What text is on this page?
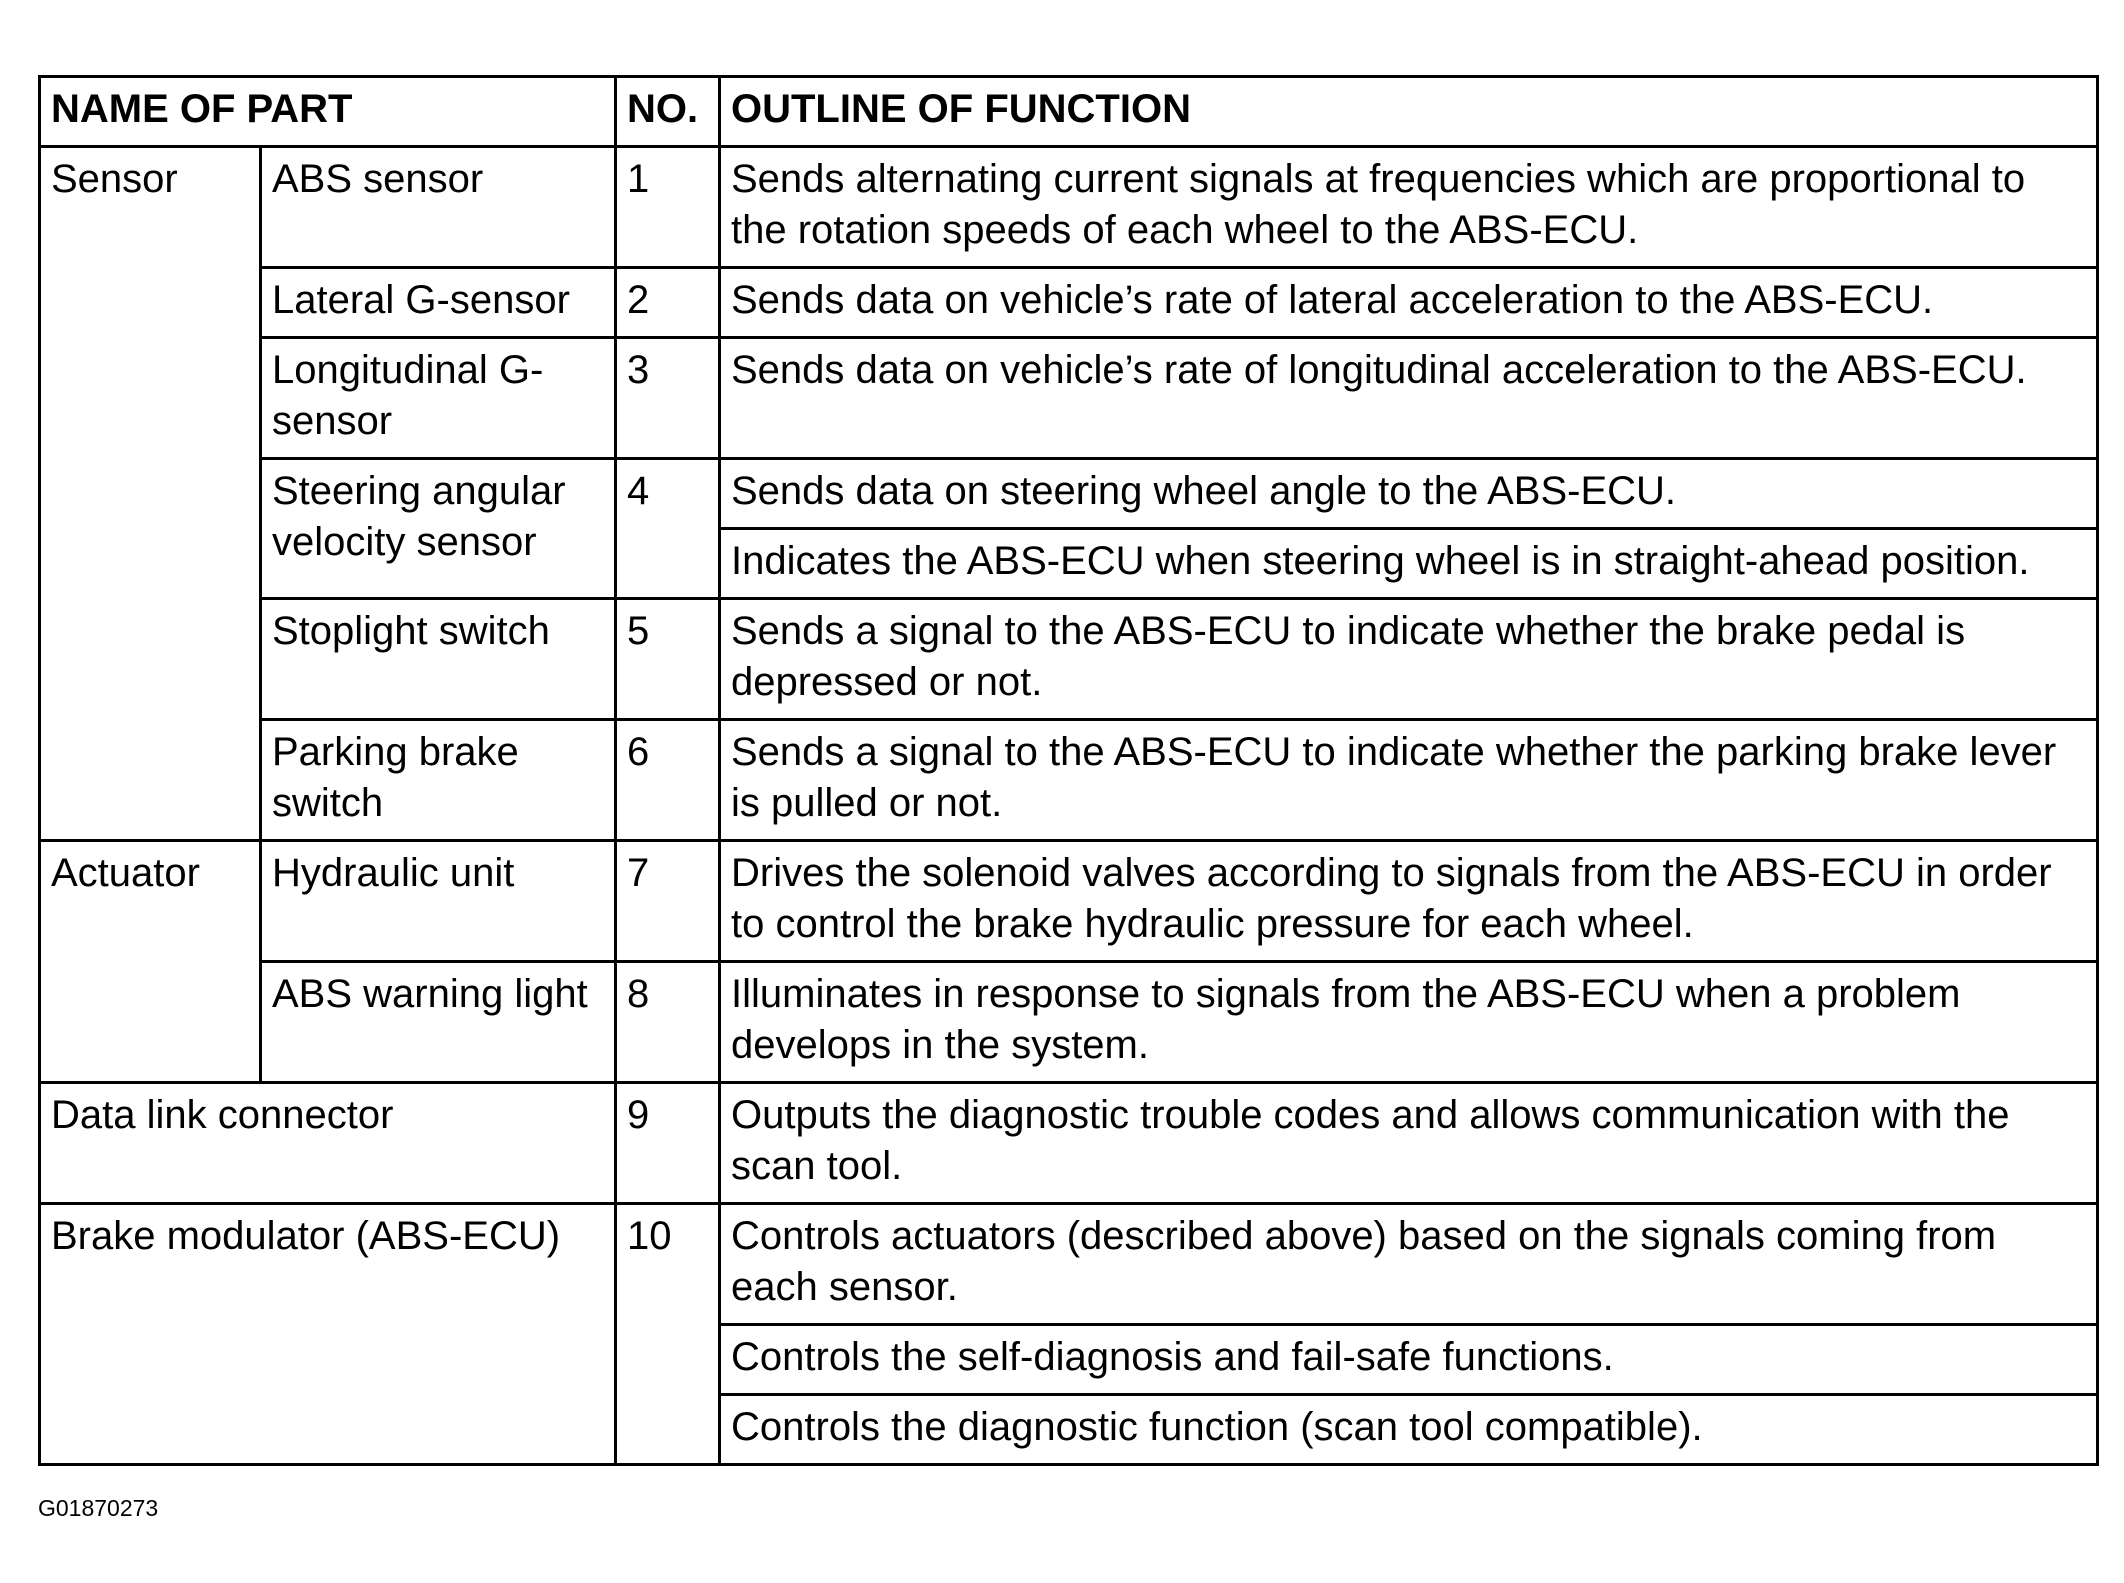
NAME OF PART		NO.	OUTLINE OF FUNCTION
Sensor	ABS sensor	1	Sends alternating current signals at frequencies which are proportional to the rotation speeds of each wheel to the ABS-ECU.
	Lateral G-sensor	2	Sends data on vehicle’s rate of lateral acceleration to the ABS-ECU.
	Longitudinal G-sensor	3	Sends data on vehicle’s rate of longitudinal acceleration to the ABS-ECU.
	Steering angular velocity sensor	4	Sends data on steering wheel angle to the ABS-ECU.
			Indicates the ABS-ECU when steering wheel is in straight-ahead position.
	Stoplight switch	5	Sends a signal to the ABS-ECU to indicate whether the brake pedal is depressed or not.
	Parking brake switch	6	Sends a signal to the ABS-ECU to indicate whether the parking brake lever is pulled or not.
Actuator	Hydraulic unit	7	Drives the solenoid valves according to signals from the ABS-ECU in order to control the brake hydraulic pressure for each wheel.
	ABS warning light	8	Illuminates in response to signals from the ABS-ECU when a problem develops in the system.
Data link connector		9	Outputs the diagnostic trouble codes and allows communication with the scan tool.
Brake modulator (ABS-ECU)		10	Controls actuators (described above) based on the signals coming from each sensor.
			Controls the self-diagnosis and fail-safe functions.
			Controls the diagnostic function (scan tool compatible).
G01870273
